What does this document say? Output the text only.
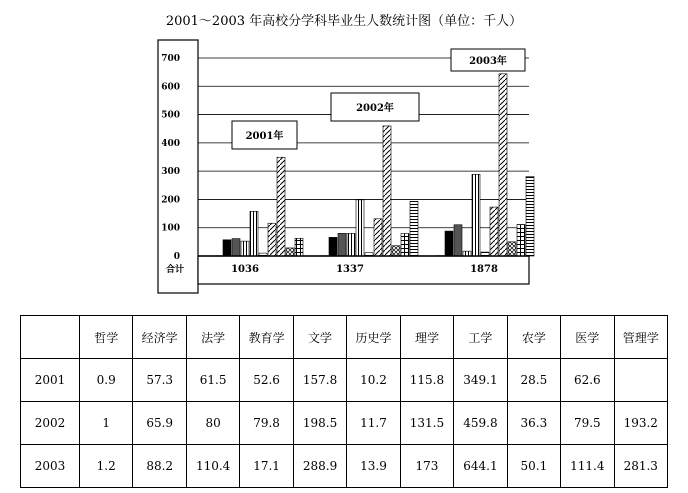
2001～2003 年高校分学科毕业生人数统计图（单位：千人）
700
600
500
400
300
200
100
0
合计
2001年
2002年
2003年
1036	1337	1878
	哲学	经济学	法学	教育学	文学	历史学	理学	工学	农学	医学	管理学
2001	0.9	57.3	61.5	52.6	157.8	10.2	115.8	349.1	28.5	62.6	
2002	1	65.9	80	79.8	198.5	11.7	131.5	459.8	36.3	79.5	193.2
2003	1.2	88.2	110.4	17.1	288.9	13.9	173	644.1	50.1	111.4	281.3
